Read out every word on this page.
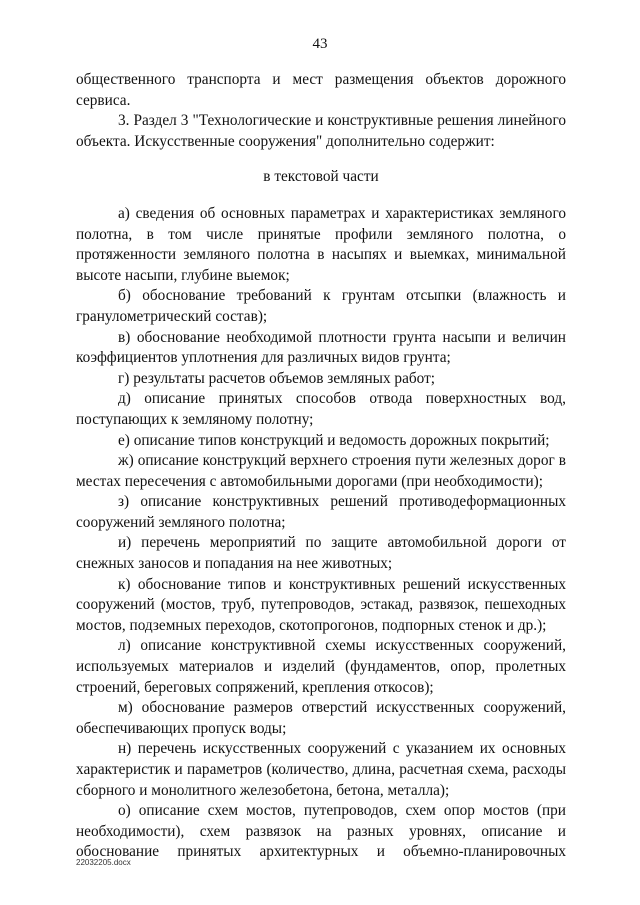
43

общественного транспорта и мест размещения объектов дорожного сервиса.

3. Раздел 3 "Технологические и конструктивные решения линейного объекта. Искусственные сооружения" дополнительно содержит:

в текстовой части

а) сведения об основных параметрах и характеристиках земляного полотна, в том числе принятые профили земляного полотна, о протяженности земляного полотна в насыпях и выемках, минимальной высоте насыпи, глубине выемок;

б) обоснование требований к грунтам отсыпки (влажность и гранулометрический состав);

в) обоснование необходимой плотности грунта насыпи и величин коэффициентов уплотнения для различных видов грунта;

г) результаты расчетов объемов земляных работ;

д) описание принятых способов отвода поверхностных вод, поступающих к земляному полотну;

е) описание типов конструкций и ведомость дорожных покрытий;

ж) описание конструкций верхнего строения пути железных дорог в местах пересечения с автомобильными дорогами (при необходимости);

з) описание конструктивных решений противодеформационных сооружений земляного полотна;

и) перечень мероприятий по защите автомобильной дороги от снежных заносов и попадания на нее животных;

к) обоснование типов и конструктивных решений искусственных сооружений (мостов, труб, путепроводов, эстакад, развязок, пешеходных мостов, подземных переходов, скотопрогонов, подпорных стенок и др.);

л) описание конструктивной схемы искусственных сооружений, используемых материалов и изделий (фундаментов, опор, пролетных строений, береговых сопряжений, крепления откосов);

м) обоснование размеров отверстий искусственных сооружений, обеспечивающих пропуск воды;

н) перечень искусственных сооружений с указанием их основных характеристик и параметров (количество, длина, расчетная схема, расходы сборного и монолитного железобетона, бетона, металла);

о) описание схем мостов, путепроводов, схем опор мостов (при необходимости), схем развязок на разных уровнях, описание и обоснование принятых архитектурных и объемно-планировочных

22032205.docx
